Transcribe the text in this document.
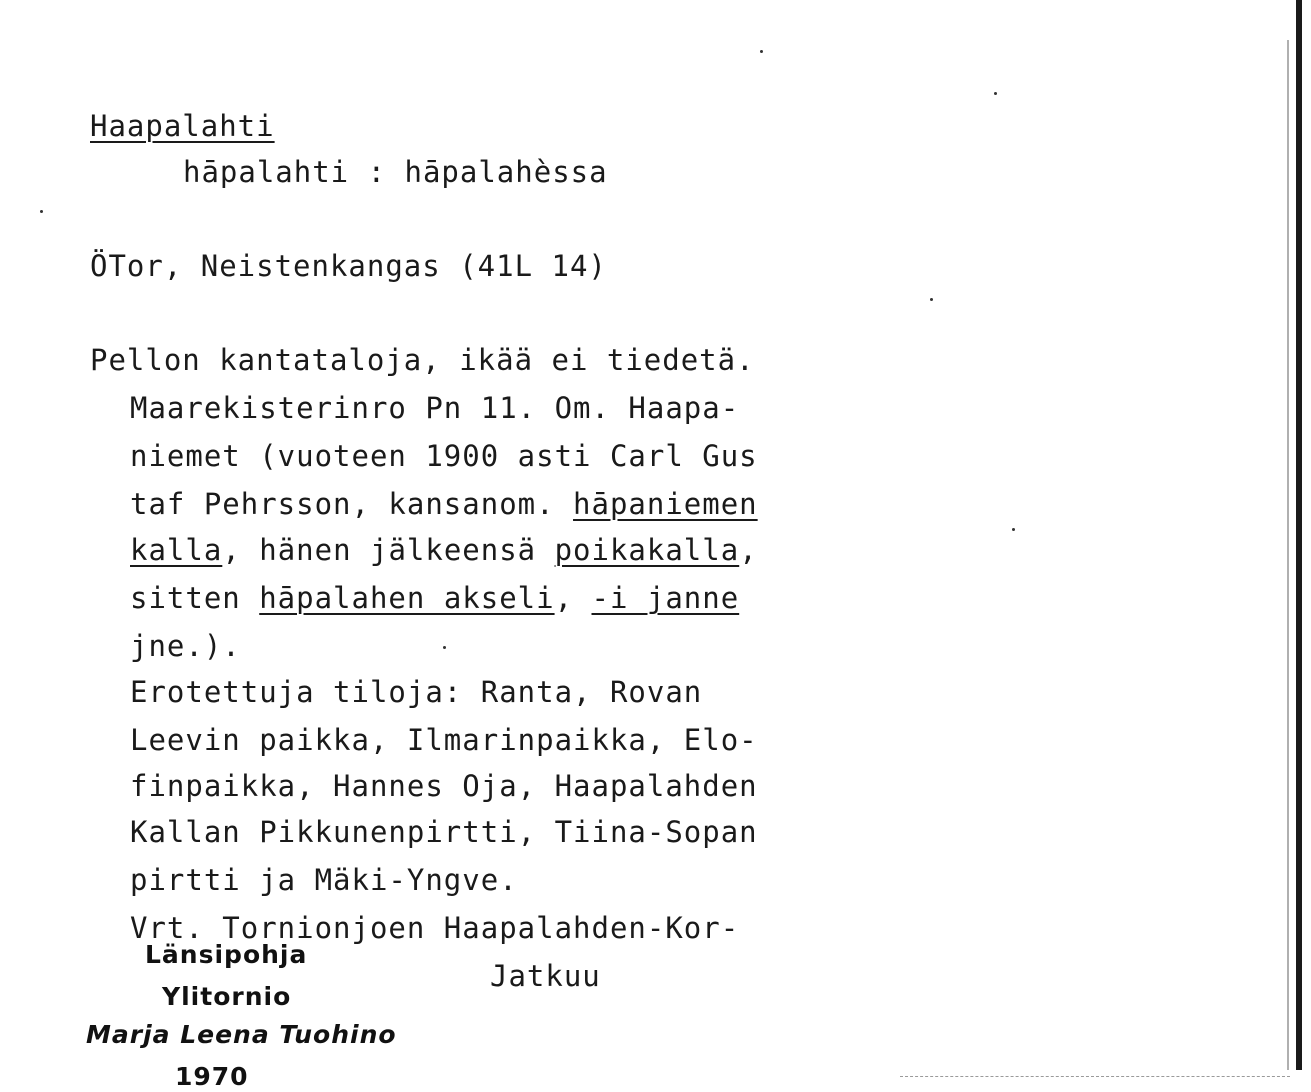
Haapalahti
hāpalahti : hāpalahèssa
ÖTor, Neistenkangas (41L 14)
Pellon kantataloja, ikää ei tiedetä.
Maarekisterinro Pn 11. Om. Haapa-
niemet (vuoteen 1900 asti Carl Gus
taf Pehrsson, kansanom. hāpaniemen
kalla, hänen jälkeensä poikakalla,
sitten hāpalahen akseli, -i janne
jne.).
Erotettuja tiloja: Ranta, Rovan
Leevin paikka, Ilmarinpaikka, Elo-
finpaikka, Hannes Oja, Haapalahden
Kallan Pikkunenpirtti, Tiina-Sopan
pirtti ja Mäki-Yngve.
Vrt. Tornionjoen Haapalahden-Kor-
Jatkuu
Länsipohja
Ylitornio
Marja Leena Tuohino
1970
